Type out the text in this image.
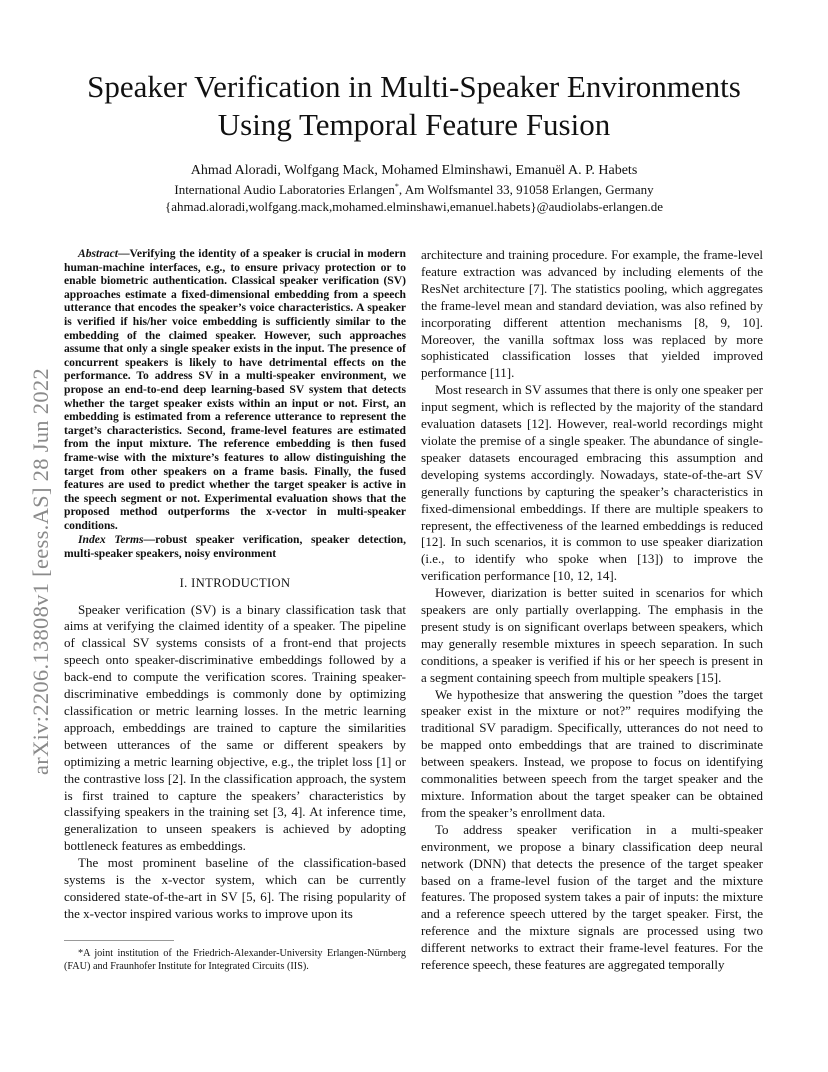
arXiv:2206.13808v1 [eess.AS] 28 Jun 2022
Speaker Verification in Multi-Speaker Environments
Using Temporal Feature Fusion
Ahmad Aloradi, Wolfgang Mack, Mohamed Elminshawi, Emanuël A. P. Habets
International Audio Laboratories Erlangen*, Am Wolfsmantel 33, 91058 Erlangen, Germany
{ahmad.aloradi,wolfgang.mack,mohamed.elminshawi,emanuel.habets}@audiolabs-erlangen.de

Abstract—Verifying the identity of a speaker is crucial in modern human-machine interfaces, e.g., to ensure privacy protection or to enable biometric authentication. Classical speaker verification (SV) approaches estimate a fixed-dimensional embedding from a speech utterance that encodes the speaker’s voice characteristics. A speaker is verified if his/her voice embedding is sufficiently similar to the embedding of the claimed speaker. However, such approaches assume that only a single speaker exists in the input. The presence of concurrent speakers is likely to have detrimental effects on the performance. To address SV in a multi-speaker environment, we propose an end-to-end deep learning-based SV system that detects whether the target speaker exists within an input or not. First, an embedding is estimated from a reference utterance to represent the target’s characteristics. Second, frame-level features are estimated from the input mixture. The reference embedding is then fused frame-wise with the mixture’s features to allow distinguishing the target from other speakers on a frame basis. Finally, the fused features are used to predict whether the target speaker is active in the speech segment or not. Experimental evaluation shows that the proposed method outperforms the x-vector in multi-speaker conditions.

Index Terms—robust speaker verification, speaker detection, multi-speaker speakers, noisy environment

I. INTRODUCTION

Speaker verification (SV) is a binary classification task that aims at verifying the claimed identity of a speaker. The pipeline of classical SV systems consists of a front-end that projects speech onto speaker-discriminative embeddings followed by a back-end to compute the verification scores. Training speaker-discriminative embeddings is commonly done by optimizing classification or metric learning losses. In the metric learning approach, embeddings are trained to capture the similarities between utterances of the same or different speakers by optimizing a metric learning objective, e.g., the triplet loss [1] or the contrastive loss [2]. In the classification approach, the system is first trained to capture the speakers’ characteristics by classifying speakers in the training set [3, 4]. At inference time, generalization to unseen speakers is achieved by adopting bottleneck features as embeddings.

The most prominent baseline of the classification-based systems is the x-vector system, which can be currently considered state-of-the-art in SV [5, 6]. The rising popularity of the x-vector inspired various works to improve upon its

*A joint institution of the Friedrich-Alexander-University Erlangen-Nürnberg (FAU) and Fraunhofer Institute for Integrated Circuits (IIS).

architecture and training procedure. For example, the frame-level feature extraction was advanced by including elements of the ResNet architecture [7]. The statistics pooling, which aggregates the frame-level mean and standard deviation, was also refined by incorporating different attention mechanisms [8, 9, 10]. Moreover, the vanilla softmax loss was replaced by more sophisticated classification losses that yielded improved performance [11].

Most research in SV assumes that there is only one speaker per input segment, which is reflected by the majority of the standard evaluation datasets [12]. However, real-world recordings might violate the premise of a single speaker. The abundance of single-speaker datasets encouraged embracing this assumption and developing systems accordingly. Nowadays, state-of-the-art SV generally functions by capturing the speaker’s characteristics in fixed-dimensional embeddings. If there are multiple speakers to represent, the effectiveness of the learned embeddings is reduced [12]. In such scenarios, it is common to use speaker diarization (i.e., to identify who spoke when [13]) to improve the verification performance [10, 12, 14].

However, diarization is better suited in scenarios for which speakers are only partially overlapping. The emphasis in the present study is on significant overlaps between speakers, which may generally resemble mixtures in speech separation. In such conditions, a speaker is verified if his or her speech is present in a segment containing speech from multiple speakers [15].

We hypothesize that answering the question ”does the target speaker exist in the mixture or not?” requires modifying the traditional SV paradigm. Specifically, utterances do not need to be mapped onto embeddings that are trained to discriminate between speakers. Instead, we propose to focus on identifying commonalities between speech from the target speaker and the mixture. Information about the target speaker can be obtained from the speaker’s enrollment data.

To address speaker verification in a multi-speaker environment, we propose a binary classification deep neural network (DNN) that detects the presence of the target speaker based on a frame-level fusion of the target and the mixture features. The proposed system takes a pair of inputs: the mixture and a reference speech uttered by the target speaker. First, the reference and the mixture signals are processed using two different networks to extract their frame-level features. For the reference speech, these features are aggregated temporally
